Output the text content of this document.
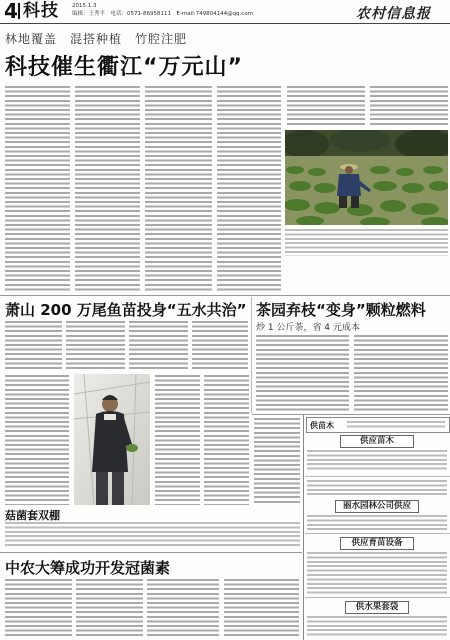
4 科技 2015.1.3
编辑：王秀平　电话：0571-86958111　E-mail:749804144@qq.com	农村信息报
林地覆盖　混搭种植　竹腔注肥
科技催生衢江“万元山”
萧山 200 万尾鱼苗投身“五水共治”
菇菌套双棚
茶园弃枝“变身”颗粒燃料
炒 1 公斤茶，省 4 元成本
中农大筹成功开发冠菌素
供苗木
供应苗木
丽水园林公司供应
供应育苗设备
供水果套袋
